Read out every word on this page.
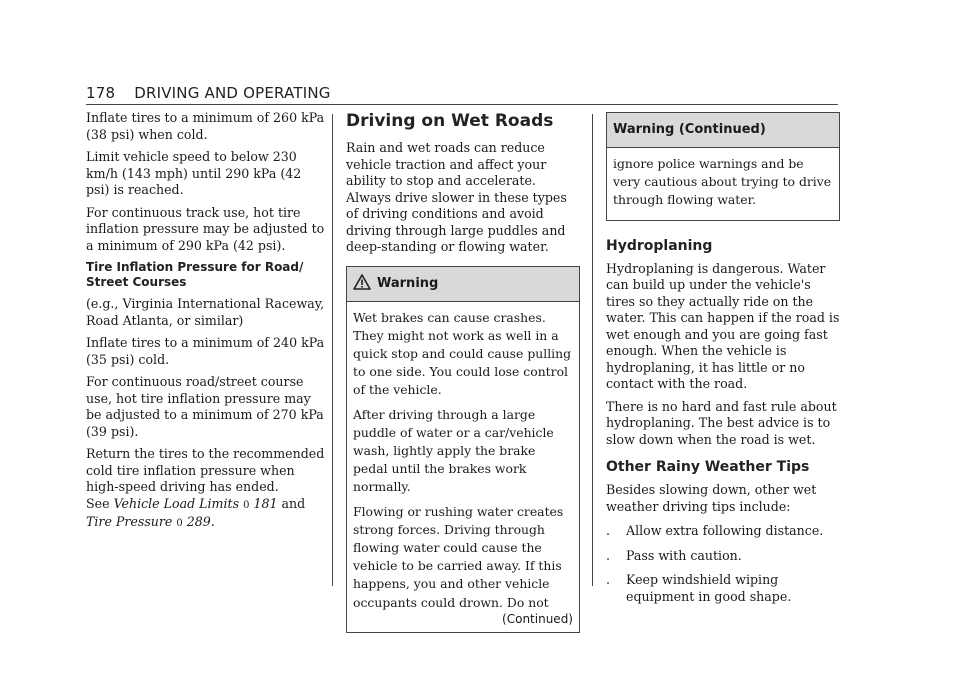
178 DRIVING AND OPERATING

Inflate tires to a minimum of 260 kPa (38 psi) when cold.

Limit vehicle speed to below 230 km/h (143 mph) until 290 kPa (42 psi) is reached.

For continuous track use, hot tire inflation pressure may be adjusted to a minimum of 290 kPa (42 psi).

Tire Inflation Pressure for Road/ Street Courses

(e.g., Virginia International Raceway, Road Atlanta, or similar)

Inflate tires to a minimum of 240 kPa (35 psi) cold.

For continuous road/street course use, hot tire inflation pressure may be adjusted to a minimum of 270 kPa (39 psi).

Return the tires to the recommended cold tire inflation pressure when high-speed driving has ended.

See Vehicle Load Limits 0 181 and Tire Pressure 0 289.

Driving on Wet Roads

Rain and wet roads can reduce vehicle traction and affect your ability to stop and accelerate. Always drive slower in these types of driving conditions and avoid driving through large puddles and deep-standing or flowing water.

Warning

Wet brakes can cause crashes. They might not work as well in a quick stop and could cause pulling to one side. You could lose control of the vehicle.

After driving through a large puddle of water or a car/vehicle wash, lightly apply the brake pedal until the brakes work normally.

Flowing or rushing water creates strong forces. Driving through flowing water could cause the vehicle to be carried away. If this happens, you and other vehicle occupants could drown. Do not

(Continued)
Warning (Continued)

ignore police warnings and be very cautious about trying to drive through flowing water.

Hydroplaning

Hydroplaning is dangerous. Water can build up under the vehicle's tires so they actually ride on the water. This can happen if the road is wet enough and you are going fast enough. When the vehicle is hydroplaning, it has little or no contact with the road.

There is no hard and fast rule about hydroplaning. The best advice is to slow down when the road is wet.

Other Rainy Weather Tips

Besides slowing down, other wet weather driving tips include:

. Allow extra following distance.
. Pass with caution.
. Keep windshield wiping equipment in good shape.
